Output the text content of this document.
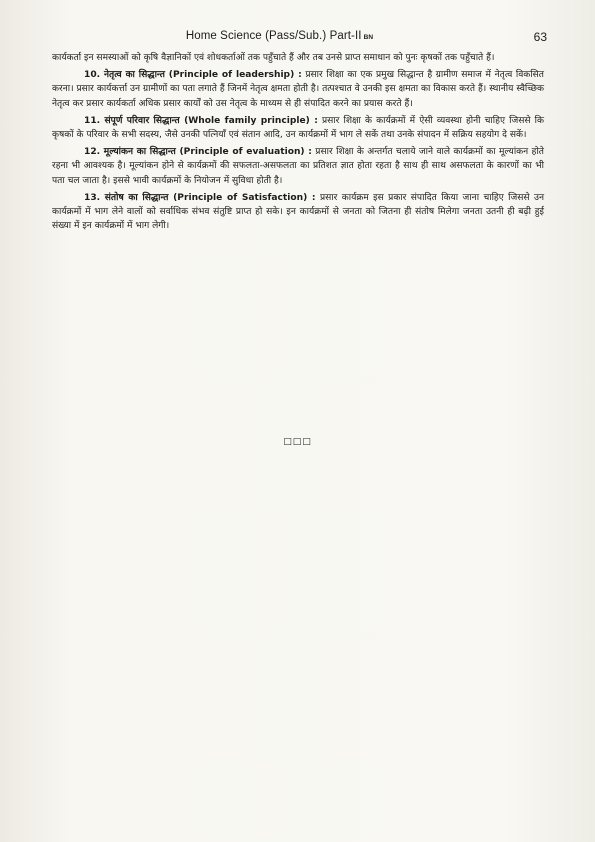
Home Science (Pass/Sub.) Part-II BN	63

कार्यकर्ता इन समस्याओं को कृषि वैज्ञानिकों एवं शोधकर्ताओं तक पहुँचाते हैं और तब उनसे प्राप्त समाधान को पुनः कृषकों तक पहुँचाते हैं।

10. नेतृत्व का सिद्धान्त (Principle of leadership) : प्रसार शिक्षा का एक प्रमुख सिद्धान्त है ग्रामीण समाज में नेतृत्व विकसित करना। प्रसार कार्यकर्त्ता उन ग्रामीणों का पता लगाते हैं जिनमें नेतृत्व क्षमता होती है। तत्पश्चात वे उनकी इस क्षमता का विकास करते हैं। स्थानीय स्वैच्छिक नेतृत्व कर प्रसार कार्यकर्ता अधिक प्रसार कार्यों को उस नेतृत्व के माध्यम से ही संपादित करने का प्रयास करते हैं।

11. संपूर्ण परिवार सिद्धान्त (Whole family principle) : प्रसार शिक्षा के कार्यक्रमों में ऐसी व्यवस्था होनी चाहिए जिससे कि कृषकों के परिवार के सभी सदस्य, जैसे उनकी पत्नियाँ एवं संतान आदि, उन कार्यक्रमों में भाग ले सकें तथा उनके संपादन में सक्रिय सहयोग दे सकें।

12. मूल्यांकन का सिद्धान्त (Principle of evaluation) : प्रसार शिक्षा के अन्तर्गत चलाये जाने वाले कार्यक्रमों का मूल्यांकन होते रहना भी आवश्यक है। मूल्यांकन होने से कार्यक्रमों की सफलता-असफलता का प्रतिशत ज्ञात होता रहता है साथ ही साथ असफलता के कारणों का भी पता चल जाता है। इससे भावी कार्यक्रमों के नियोजन में सुविधा होती है।

13. संतोष का सिद्धान्त (Principle of Satisfaction) : प्रसार कार्यक्रम इस प्रकार संपादित किया जाना चाहिए जिससे उन कार्यक्रमों में भाग लेने वालों को सर्वाधिक संभव संतुष्टि प्राप्त हो सके। इन कार्यक्रमों से जनता को जितना ही संतोष मिलेगा जनता उतनी ही बढ़ी हुई संख्या में इन कार्यक्रमों में भाग लेगी।

□□□
